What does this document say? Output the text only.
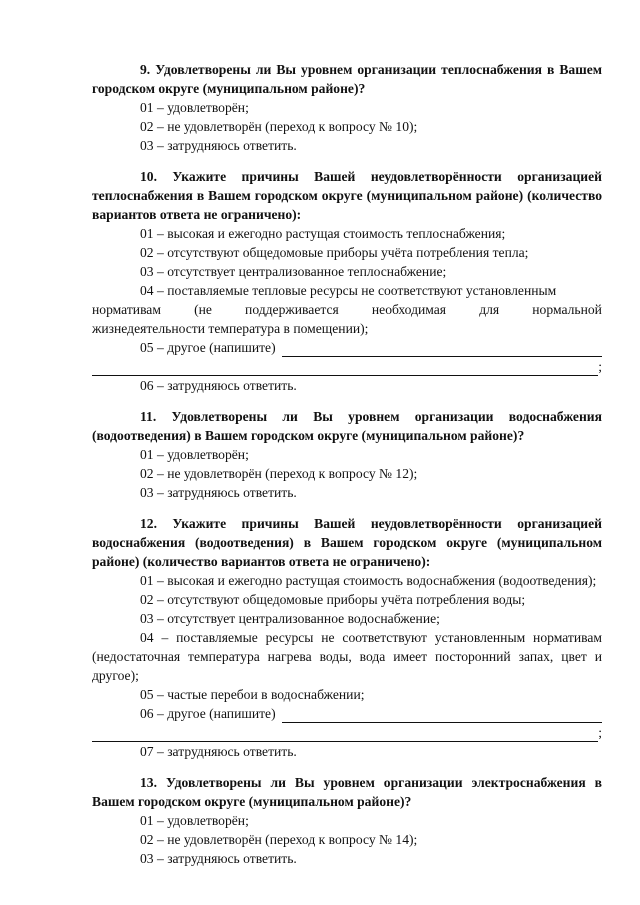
9. Удовлетворены ли Вы уровнем организации теплоснабжения в Вашем городском округе (муниципальном районе)?

01 – удовлетворён;

02 – не удовлетворён (переход к вопросу № 10);

03 – затрудняюсь ответить.

10. Укажите причины Вашей неудовлетворённости организацией теплоснабжения в Вашем городском округе (муниципальном районе) (количество вариантов ответа не ограничено):

01 – высокая и ежегодно растущая стоимость теплоснабжения;

02 – отсутствуют общедомовые приборы учёта потребления тепла;

03 – отсутствует централизованное теплоснабжение;

04 – поставляемые тепловые ресурсы не соответствуют установленным

нормативам (не поддерживается необходимая для нормальной

жизнедеятельности температура в помещении);

05 – другое (напишите)
;

06 – затрудняюсь ответить.

11. Удовлетворены ли Вы уровнем организации водоснабжения (водоотведения) в Вашем городском округе (муниципальном районе)?

01 – удовлетворён;

02 – не удовлетворён (переход к вопросу № 12);

03 – затрудняюсь ответить.

12. Укажите причины Вашей неудовлетворённости организацией водоснабжения (водоотведения) в Вашем городском округе (муниципальном районе) (количество вариантов ответа не ограничено):

01 – высокая и ежегодно растущая стоимость водоснабжения (водоотведения);

02 – отсутствуют общедомовые приборы учёта потребления воды;

03 – отсутствует централизованное водоснабжение;

04 – поставляемые ресурсы не соответствуют установленным нормативам (недостаточная температура нагрева воды, вода имеет посторонний запах, цвет и другое);

05 – частые перебои в водоснабжении;

06 – другое (напишите)
;

07 – затрудняюсь ответить.

13. Удовлетворены ли Вы уровнем организации электроснабжения в Вашем городском округе (муниципальном районе)?

01 – удовлетворён;

02 – не удовлетворён (переход к вопросу № 14);

03 – затрудняюсь ответить.
